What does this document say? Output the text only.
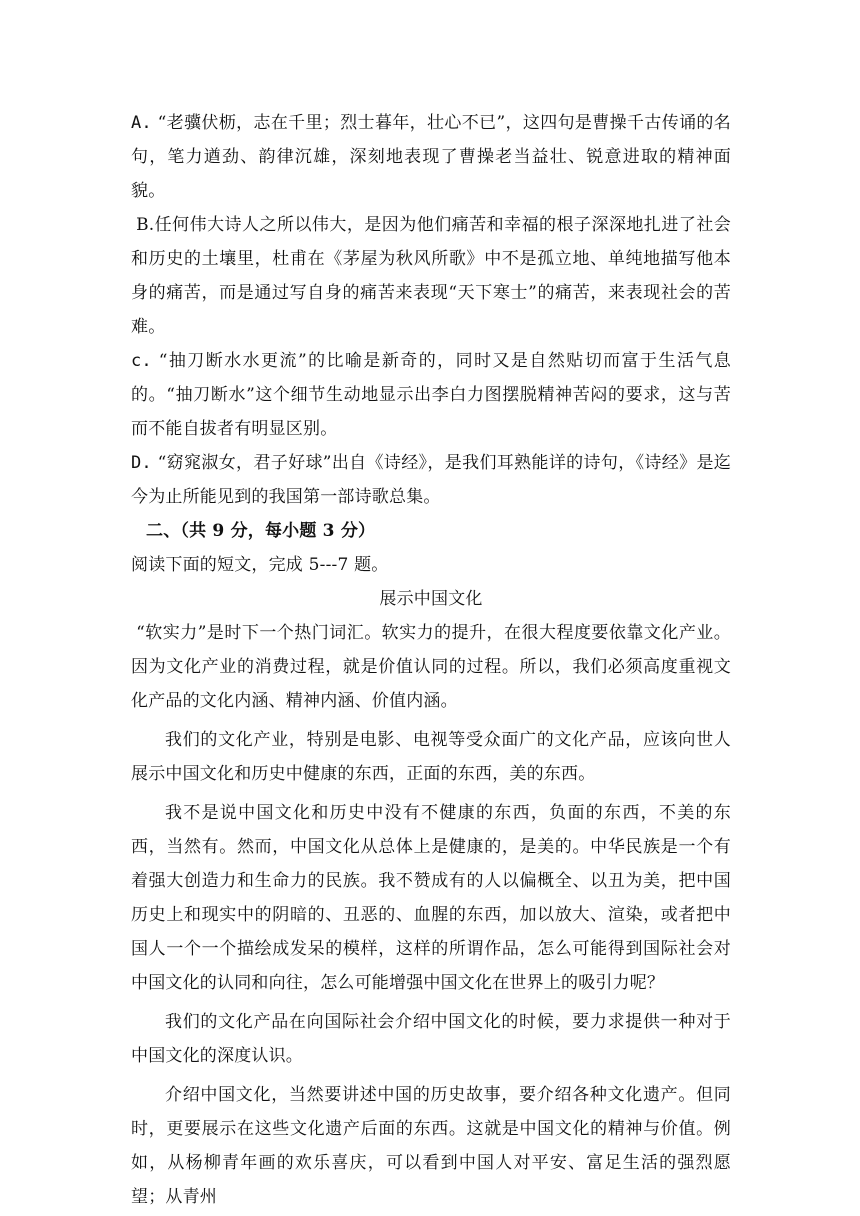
A. “老骥伏枥，志在千里；烈士暮年，壮心不已”，这四句是曹操千古传诵的名句，笔力遒劲、韵律沉雄，深刻地表现了曹操老当益壮、锐意进取的精神面貌。

B.任何伟大诗人之所以伟大，是因为他们痛苦和幸福的根子深深地扎进了社会和历史的土壤里，杜甫在《茅屋为秋风所歌》中不是孤立地、单纯地描写他本身的痛苦，而是通过写自身的痛苦来表现“天下寒士”的痛苦，来表现社会的苦难。

c. “抽刀断水水更流”的比喻是新奇的，同时又是自然贴切而富于生活气息的。“抽刀断水”这个细节生动地显示出李白力图摆脱精神苦闷的要求，这与苦而不能自拔者有明显区别。

D. “窈窕淑女，君子好球”出自《诗经》，是我们耳熟能详的诗句，《诗经》是迄今为止所能见到的我国第一部诗歌总集。

二、（共 9 分，每小题 3 分）

阅读下面的短文，完成 5---7 题。

展示中国文化

“软实力”是时下一个热门词汇。软实力的提升，在很大程度要依靠文化产业。因为文化产业的消费过程，就是价值认同的过程。所以，我们必须高度重视文化产品的文化内涵、精神内涵、价值内涵。

我们的文化产业，特别是电影、电视等受众面广的文化产品，应该向世人展示中国文化和历史中健康的东西，正面的东西，美的东西。

我不是说中国文化和历史中没有不健康的东西，负面的东西，不美的东西，当然有。然而，中国文化从总体上是健康的，是美的。中华民族是一个有着强大创造力和生命力的民族。我不赞成有的人以偏概全、以丑为美，把中国历史上和现实中的阴暗的、丑恶的、血腥的东西，加以放大、渲染，或者把中国人一个一个描绘成发呆的模样，这样的所谓作品，怎么可能得到国际社会对中国文化的认同和向往，怎么可能增强中国文化在世界上的吸引力呢？

我们的文化产品在向国际社会介绍中国文化的时候，要力求提供一种对于中国文化的深度认识。

介绍中国文化，当然要讲述中国的历史故事，要介绍各种文化遗产。但同时，更要展示在这些文化遗产后面的东西。这就是中国文化的精神与价值。例如，从杨柳青年画的欢乐喜庆，可以看到中国人对平安、富足生活的强烈愿望；从青州
